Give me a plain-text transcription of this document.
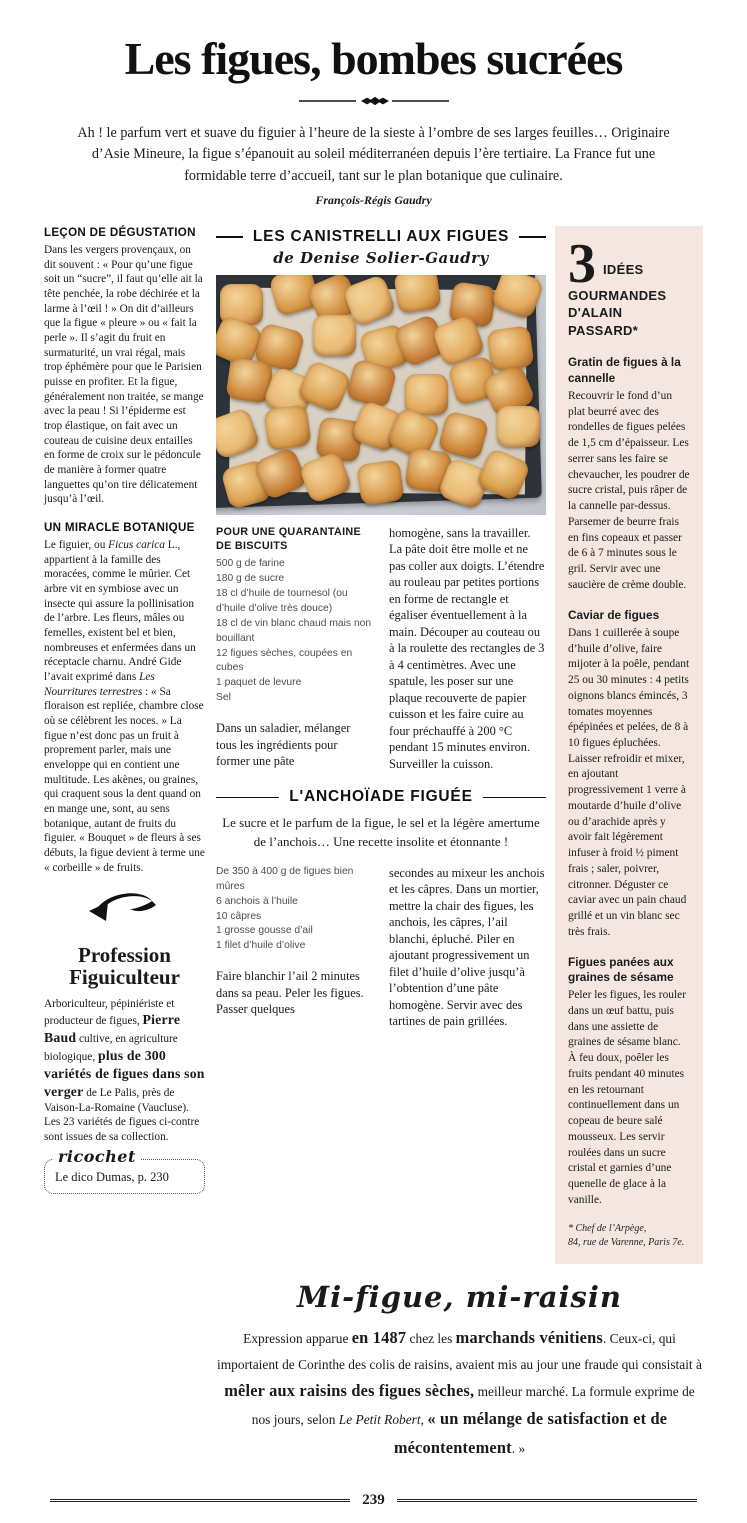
Les figues, bombes sucrées

Ah ! le parfum vert et suave du figuier à l’heure de la sieste à l’ombre de ses larges feuilles… Originaire d’Asie Mineure, la figue s’épanouit au soleil méditerranéen depuis l’ère tertiaire. La France fut une formidable terre d’accueil, tant sur le plan botanique que culinaire.

François-Régis Gaudry

LEÇON DE DÉGUSTATION

Dans les vergers provençaux, on dit souvent : « Pour qu’une figue soit un “sucre”, il faut qu’elle ait la tête penchée, la robe déchirée et la larme à l’œil ! » On dit d’ailleurs que la figue « pleure » ou « fait la perle ». Il s’agit du fruit en surmaturité, un vrai régal, mais trop éphémère pour que le Parisien puisse en profiter. Et la figue, généralement non traitée, se mange avec la peau ! Si l’épiderme est trop élastique, on fait avec un couteau de cuisine deux entailles en forme de croix sur le pédoncule de manière à former quatre languettes qu’on tire délicatement jusqu’à l’œil.

UN MIRACLE BOTANIQUE

Le figuier, ou Ficus carica L., appartient à la famille des moracées, comme le mûrier. Cet arbre vit en symbiose avec un insecte qui assure la pollinisation de l’arbre. Les fleurs, mâles ou femelles, existent bel et bien, nombreuses et enfermées dans un réceptacle charnu. André Gide l’avait exprimé dans Les Nourritures terrestres : « Sa floraison est repliée, chambre close où se célèbrent les noces. » La figue n’est donc pas un fruit à proprement parler, mais une enveloppe qui en contient une multitude. Les akènes, ou graines, qui craquent sous la dent quand on en mange une, sont, au sens botanique, autant de fruits du figuier. « Bouquet » de fleurs à ses débuts, la figue devient à terme une « corbeille » de fruits.

Profession Figuiculteur

Arboriculteur, pépiniériste et producteur de figues, Pierre Baud cultive, en agriculture biologique, plus de 300 variétés de figues dans son verger de Le Palis, près de Vaison-La-Romaine (Vaucluse). Les 23 variétés de figues ci-contre sont issues de sa collection.

ricochet
Le dico Dumas, p. 230
LES CANISTRELLI AUX FIGUES
de Denise Solier-Gaudry

POUR UNE QUARANTAINE DE BISCUITS

500 g de farine

180 g de sucre

18 cl d’huile de tournesol (ou d’huile d’olive très douce)

18 cl de vin blanc chaud mais non bouillant

12 figues sèches, coupées en cubes

1 paquet de levure

Sel

Dans un saladier, mélanger tous les ingrédients pour former une pâte

homogène, sans la travailler. La pâte doit être molle et ne pas coller aux doigts. L’étendre au rouleau par petites portions en forme de rectangle et égaliser éventuellement à la main. Découper au couteau ou à la roulette des rectangles de 3 à 4 centimètres. Avec une spatule, les poser sur une plaque recouverte de papier cuisson et les faire cuire au four préchauffé à 200 °C pendant 15 minutes environ. Surveiller la cuisson.

L'ANCHOÏADE FIGUÉE

Le sucre et le parfum de la figue, le sel et la légère amertume de l’anchois… Une recette insolite et étonnante !

De 350 à 400 g de figues bien mûres

6 anchois à l’huile

10 câpres

1 grosse gousse d’ail

1 filet d’huile d’olive

Faire blanchir l’ail 2 minutes dans sa peau. Peler les figues. Passer quelques

secondes au mixeur les anchois et les câpres. Dans un mortier, mettre la chair des figues, les anchois, les câpres, l’ail blanchi, épluché. Piler en ajoutant progressivement un filet d’huile d’olive jusqu’à l’obtention d’une pâte homogène. Servir avec des tartines de pain grillées.

3 IDÉES
GOURMANDES
D'ALAIN PASSARD*
Gratin de figues à la cannelle

Recouvrir le fond d’un plat beurré avec des rondelles de figues pelées de 1,5 cm d’épaisseur. Les serrer sans les faire se chevaucher, les poudrer de sucre cristal, puis râper de la cannelle par-dessus. Parsemer de beurre frais en fins copeaux et passer de 6 à 7 minutes sous le gril. Servir avec une saucière de crème double.

Caviar de figues

Dans 1 cuillerée à soupe d’huile d’olive, faire mijoter à la poêle, pendant 25 ou 30 minutes : 4 petits oignons blancs émincés, 3 tomates moyennes épépinées et pelées, de 8 à 10 figues épluchées. Laisser refroidir et mixer, en ajoutant progressivement 1 verre à moutarde d’huile d’olive ou d’arachide après y avoir fait légèrement infuser à froid ½ piment frais ; saler, poivrer, citronner. Déguster ce caviar avec un pain chaud grillé et un vin blanc sec très frais.

Figues panées aux graines de sésame

Peler les figues, les rouler dans un œuf battu, puis dans une assiette de graines de sésame blanc. À feu doux, poêler les fruits pendant 40 minutes en les retournant continuellement dans un copeau de beure salé mousseux. Les servir roulées dans un sucre cristal et garnies d’une quenelle de glace à la vanille.

* Chef de l’Arpège,
84, rue de Varenne, Paris 7e.

Mi-figue, mi-raisin

Expression apparue en 1487 chez les marchands vénitiens. Ceux-ci, qui importaient de Corinthe des colis de raisins, avaient mis au jour une fraude qui consistait à mêler aux raisins des figues sèches, meilleur marché. La formule exprime de nos jours, selon Le Petit Robert, « un mélange de satisfaction et de mécontentement. »

239
